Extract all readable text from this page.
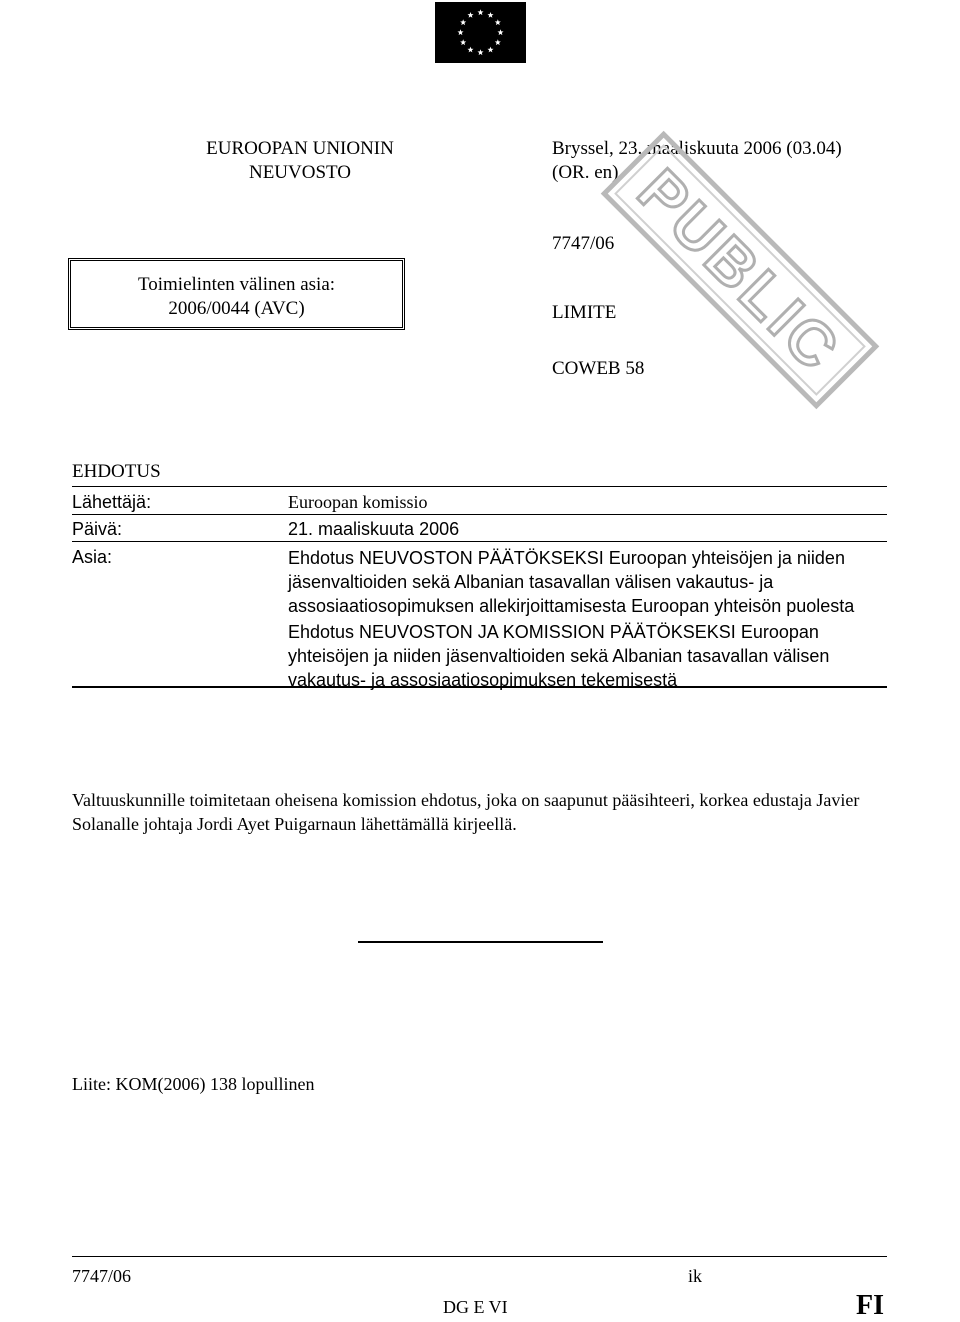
EUROOPAN UNIONIN
NEUVOSTO
Bryssel, 23. maaliskuuta 2006 (03.04)
(OR. en)
7747/06
LIMITE
COWEB 58
Toimielinten välinen asia:
2006/0044 (AVC)	PUBLIC
EHDOTUS
Lähettäjä:	Euroopan komissio
Päivä:	21. maaliskuuta 2006
Asia:	Ehdotus NEUVOSTON PÄÄTÖKSEKSI Euroopan yhteisöjen ja niiden jäsenvaltioiden sekä Albanian tasavallan välisen vakautus- ja assosiaatiosopimuksen allekirjoittamisesta Euroopan yhteisön puolesta

Ehdotus NEUVOSTON JA KOMISSION PÄÄTÖKSEKSI Euroopan yhteisöjen ja niiden jäsenvaltioiden sekä Albanian tasavallan välisen vakautus- ja assosiaatiosopimuksen tekemisestä

Valtuuskunnille toimitetaan oheisena komission ehdotus, joka on saapunut pääsihteeri, korkea edustaja Javier Solanalle johtaja Jordi Ayet Puigarnaun lähettämällä kirjeellä.
Liite: KOM(2006) 138 lopullinen
7747/06	ik
DG E VI	FI
